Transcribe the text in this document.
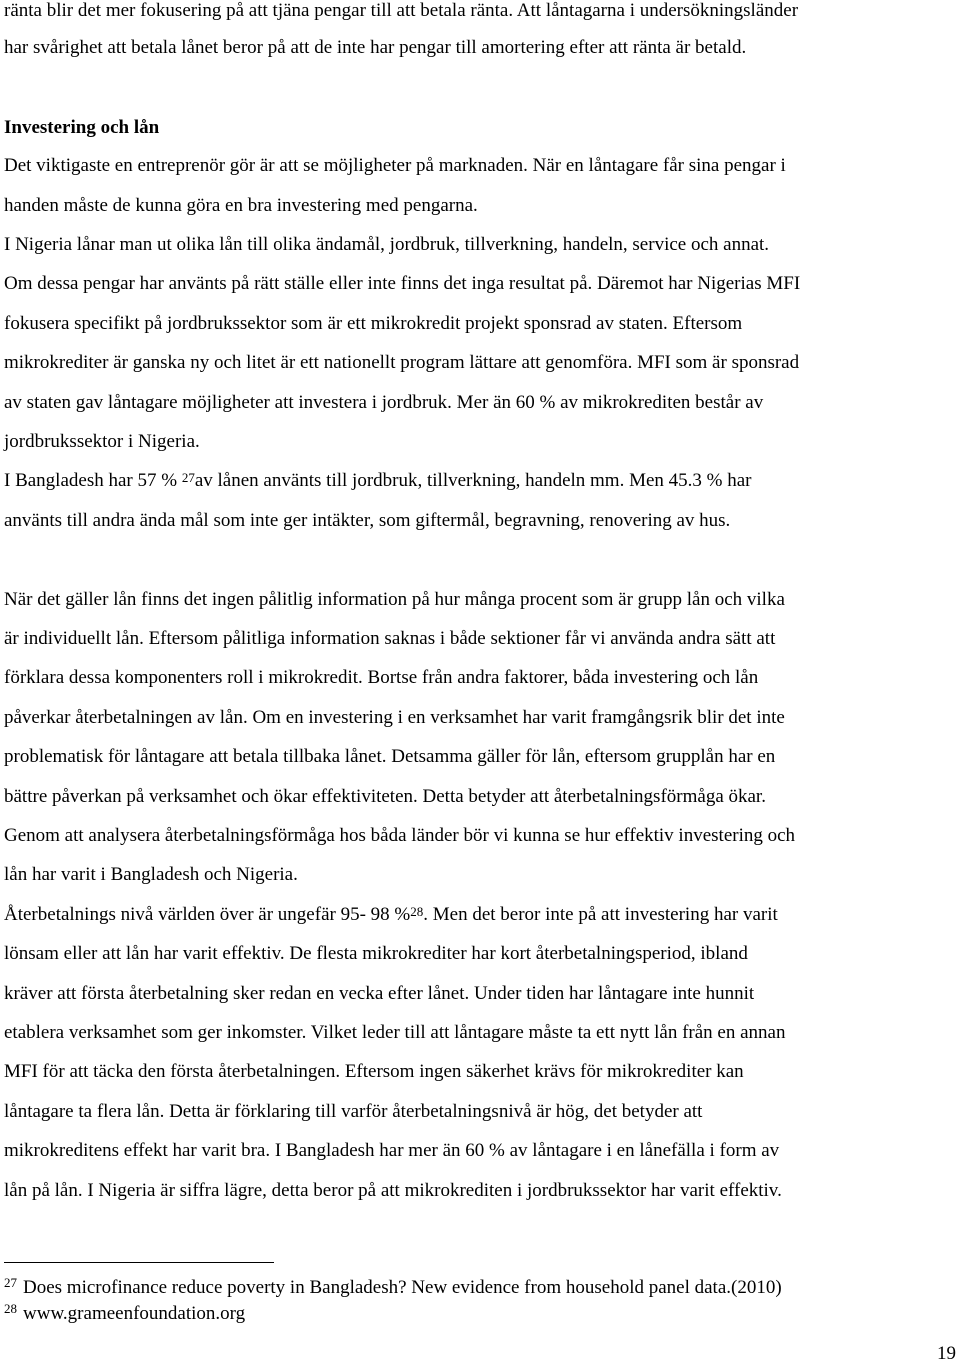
ränta blir det mer fokusering på att tjäna pengar till att betala ränta. Att låntagarna i undersökningsländer
har svårighet att betala lånet beror på att de inte har pengar till amortering efter att ränta är betald.
Investering och lån
Det viktigaste en entreprenör gör är att se möjligheter på marknaden. När en låntagare får sina pengar i
handen måste de kunna göra en bra investering med pengarna.
I Nigeria lånar man ut olika lån till olika ändamål, jordbruk, tillverkning, handeln, service och annat.
Om dessa pengar har använts på rätt ställe eller inte finns det inga resultat på. Däremot har Nigerias MFI
fokusera specifikt på jordbrukssektor som är ett mikrokredit projekt sponsrad av staten. Eftersom
mikrokrediter är ganska ny och litet är ett nationellt program lättare att genomföra. MFI som är sponsrad
av staten gav låntagare möjligheter att investera i jordbruk. Mer än 60 % av mikrokrediten består av
jordbrukssektor i Nigeria.
I Bangladesh har 57 % $^{27}$av lånen använts till jordbruk, tillverkning, handeln mm. Men 45.3 % har
använts till andra ända mål som inte ger intäkter, som giftermål, begravning, renovering av hus.
När det gäller lån finns det ingen pålitlig information på hur många procent som är grupp lån och vilka
är individuellt lån. Eftersom pålitliga information saknas i både sektioner får vi använda andra sätt att
förklara dessa komponenters roll i mikrokredit. Bortse från andra faktorer, båda investering och lån
påverkar återbetalningen av lån. Om en investering i en verksamhet har varit framgångsrik blir det inte
problematisk för låntagare att betala tillbaka lånet. Detsamma gäller för lån, eftersom grupplån har en
bättre påverkan på verksamhet och ökar effektiviteten. Detta betyder att återbetalningsförmåga ökar.
Genom att analysera återbetalningsförmåga hos båda länder bör vi kunna se hur effektiv investering och
lån har varit i Bangladesh och Nigeria.
Återbetalnings nivå världen över är ungefär 95- 98 %$^{28}$. Men det beror inte på att investering har varit
lönsam eller att lån har varit effektiv. De flesta mikrokrediter har kort återbetalningsperiod, ibland
kräver att första återbetalning sker redan en vecka efter lånet. Under tiden har låntagare inte hunnit
etablera verksamhet som ger inkomster. Vilket leder till att låntagare måste ta ett nytt lån från en annan
MFI för att täcka den första återbetalningen. Eftersom ingen säkerhet krävs för mikrokrediter kan
låntagare ta flera lån. Detta är förklaring till varför återbetalningsnivå är hög, det betyder att
mikrokreditens effekt har varit bra. I Bangladesh har mer än 60 % av låntagare i en lånefälla i form av
lån på lån. I Nigeria är siffra lägre, detta beror på att mikrokrediten i jordbrukssektor har varit effektiv.
$^{27}$ Does microfinance reduce poverty in Bangladesh? New evidence from household panel data.(2010)
$^{28}$ www.grameenfoundation.org
19
